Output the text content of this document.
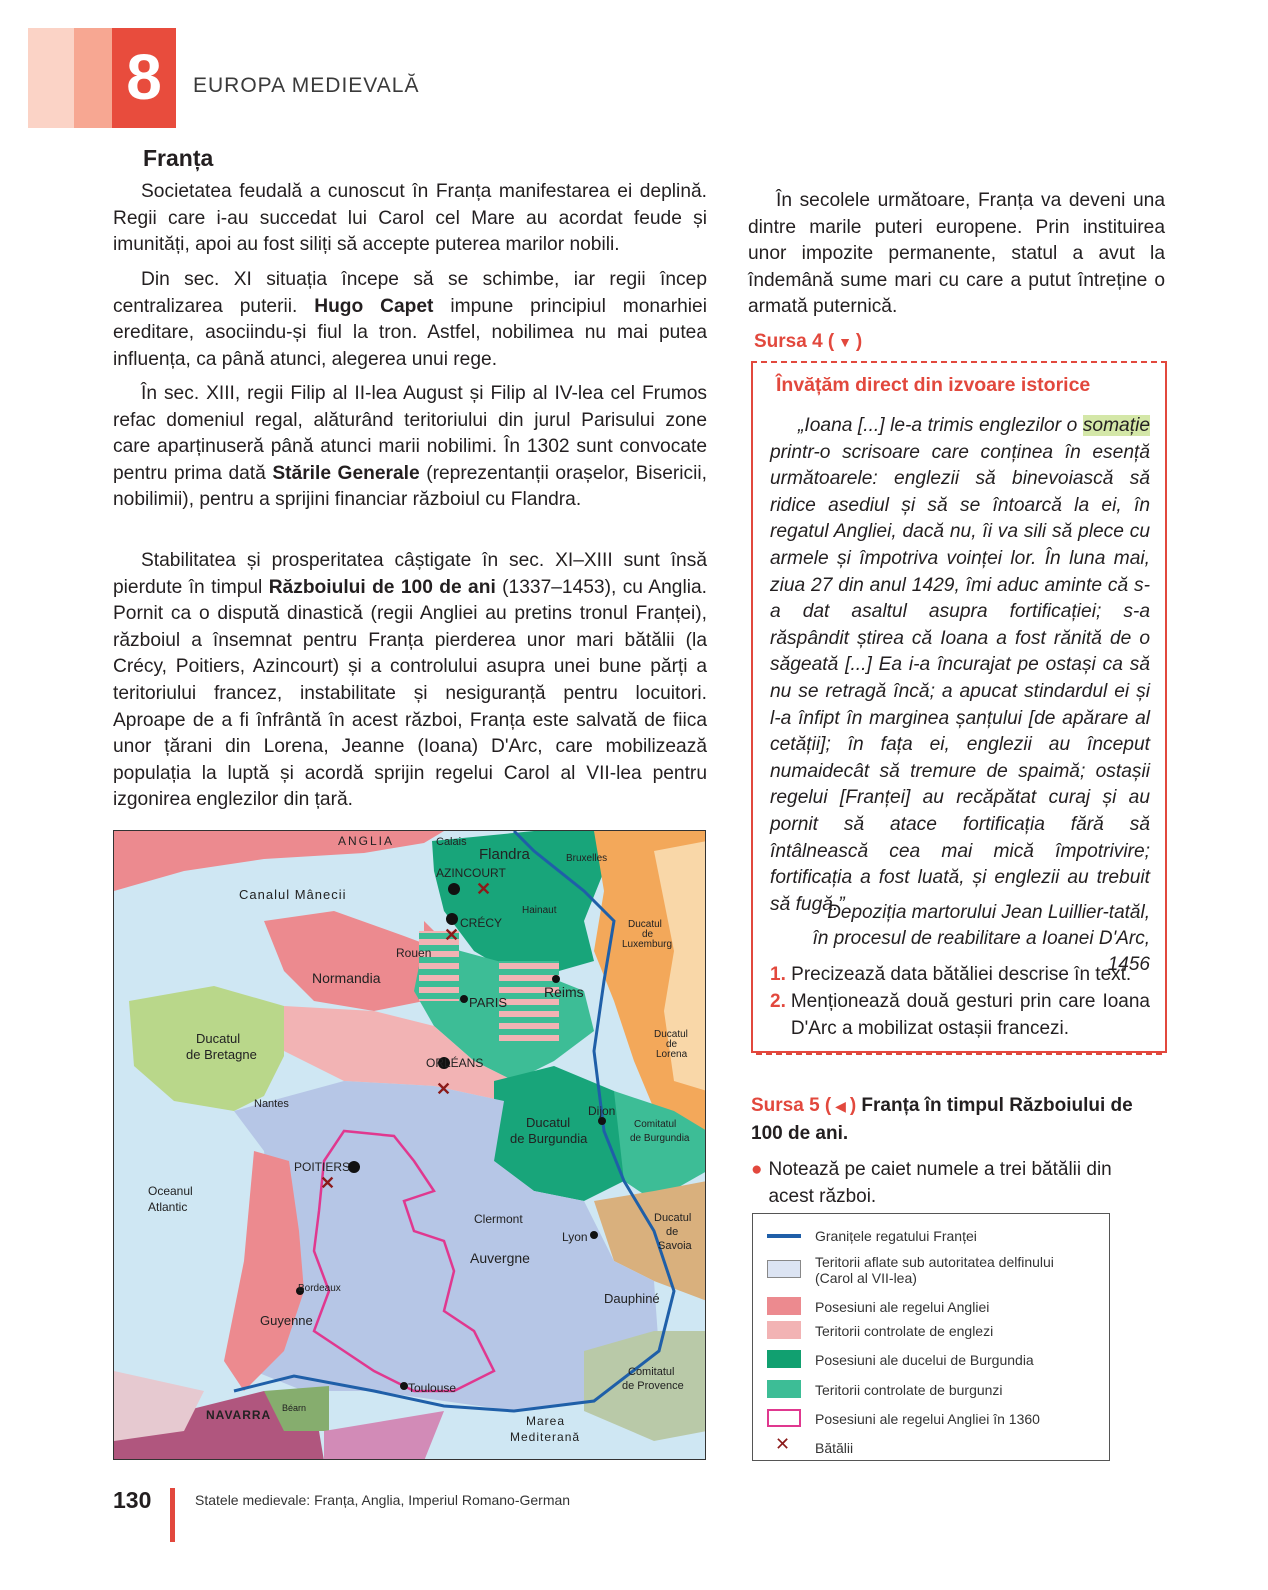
8	EUROPA MEDIEVALĂ
Franța
Societatea feudală a cunoscut în Franța manifestarea ei deplină. Regii care i-au succedat lui Carol cel Mare au acordat feude și imunități, apoi au fost siliți să accepte puterea marilor nobili.
Din sec. XI situația începe să se schimbe, iar regii încep centralizarea puterii. Hugo Capet impune principiul monarhiei ereditare, asociindu-și fiul la tron. Astfel, nobilimea nu mai putea influența, ca până atunci, alegerea unui rege.
În sec. XIII, regii Filip al II-lea August și Filip al IV-lea cel Frumos refac domeniul regal, alăturând teritoriului din jurul Parisului zone care aparținuseră până atunci marii nobilimi. În 1302 sunt convocate pentru prima dată Stările Generale (reprezentanții orașelor, Bisericii, nobilimii), pentru a sprijini financiar războiul cu Flandra.
Stabilitatea și prosperitatea câștigate în sec. XI–XIII sunt însă pierdute în timpul Războiului de 100 de ani (1337–1453), cu Anglia. Pornit ca o dispută dinastică (regii Angliei au pretins tronul Franței), războiul a însemnat pentru Franța pierderea unor mari bătălii (la Crécy, Poitiers, Azincourt) și a controlului asupra unei bune părți a teritoriului francez, instabilitate și nesiguranță pentru locuitori. Aproape de a fi înfrântă în acest război, Franța este salvată de fiica unor țărani din Lorena, Jeanne (Ioana) D'Arc, care mobilizează populația la luptă și acordă sprijin regelui Carol al VII-lea pentru izgonirea englezilor din țară.
În secolele următoare, Franța va deveni una dintre marile puteri europene. Prin instituirea unor impozite permanente, statul a avut la îndemână sume mari cu care a putut întreține o armată puternică.
Sursa 4 ( ▼ )
Învățăm direct din izvoare istorice
„Ioana [...] le-a trimis englezilor o somație printr-o scrisoare care conținea în esență următoarele: englezii să binevoiască să ridice asediul și să se întoarcă la ei, în regatul Angliei, dacă nu, îi va sili să plece cu armele și împotriva voinței lor. În luna mai, ziua 27 din anul 1429, îmi aduc aminte că s-a dat asaltul asupra fortificației; s-a răspândit știrea că Ioana a fost rănită de o săgeată [...] Ea i-a încurajat pe ostași ca să nu se retragă încă; a apucat stindardul ei și l-a înfipt în marginea șanțului [de apărare al cetății]; în fața ei, englezii au început numaidecât să tremure de spaimă; ostașii regelui [Franței] au recăpătat curaj și au pornit să atace fortificația fără să întâlnească cea mai mică împotrivire; fortificația a fost luată, și englezii au trebuit să fugă.”
Depoziția martorului Jean Luillier-tatăl,
în procesul de reabilitare a Ioanei D'Arc, 1456
1. Precizează data bătăliei descrise în text.
2.	Menționează două gesturi prin care Ioana D'Arc a mobilizat ostașii francezi.
Sursa 5 ( ◀ ) Franța în timpul Războiului de 100 de ani.
●	Notează pe caiet numele a trei bătălii din acest război.
Granițele regatului Franței
Teritorii aflate sub autoritatea delfinului
(Carol al VII-lea)
Posesiuni ale regelui Angliei
Teritorii controlate de englezi
Posesiuni ale ducelui de Burgundia
Teritorii controlate de burgunzi
Posesiuni ale regelui Angliei în 1360
✕ Bătălii
✕
✕
✕
✕
ANGLIA	Calais
Flandra	Bruxelles
AZINCOURT
Canalul Mânecii
CRÉCY
Hainaut
Ducatul
de
Luxemburg
Rouen
Normandia
PARIS
Reims
Ducatul
de Bretagne
ORLÉANS
Ducatul
de
Lorena
Nantes	Dijon
Ducatul
de Burgundia
Comitatul
de Burgundia
POITIERS
Oceanul
Atlantic
Clermont
Auvergne
Lyon
Ducatul
de
Savoia
Bordeaux
Dauphiné
Guyenne
Comitatul
de Provence
Toulouse
NAVARRA Béarn
Marea
Mediterană
130	Statele medievale: Franța, Anglia, Imperiul Romano-German
